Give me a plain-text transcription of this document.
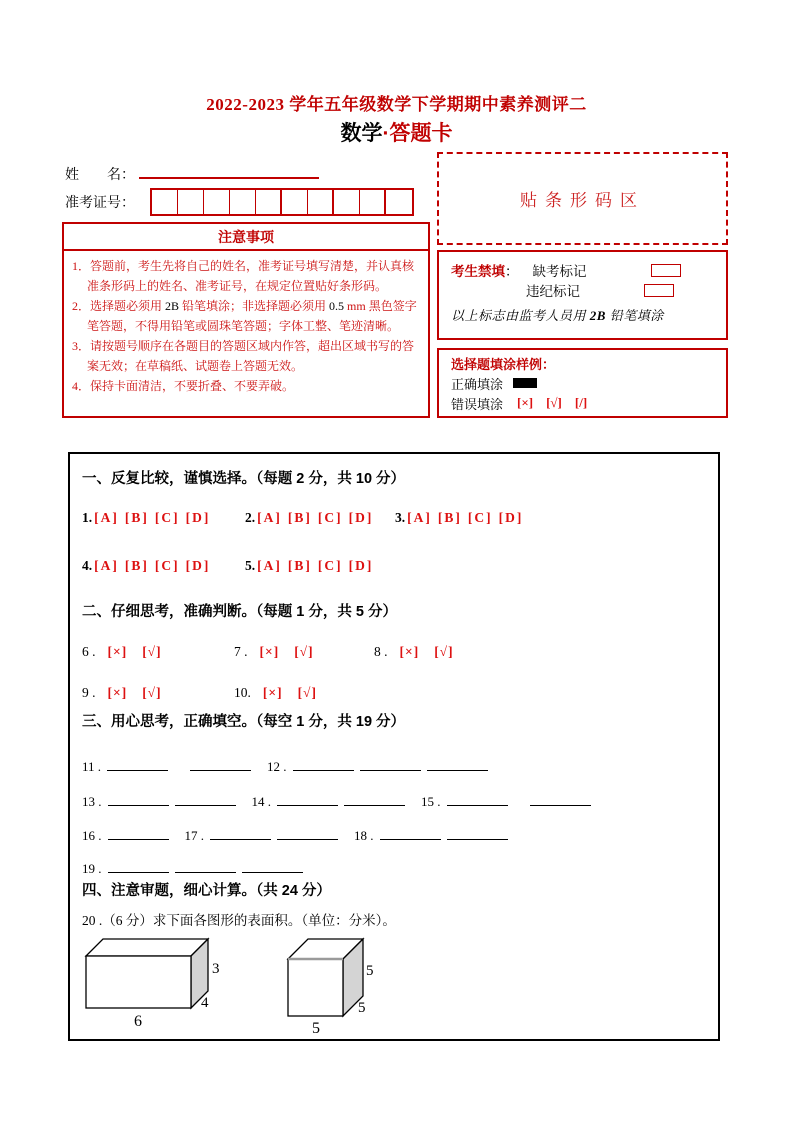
2022-2023 学年五年级数学下学期期中素养测评二
数学·答题卡
姓　　名：
准考证号：
注意事项
1．答题前，考生先将自己的姓名，准考证号填写清楚，并认真核准条形码上的姓名、准考证号，在规定位置贴好条形码。
2．选择题必须用 2B 铅笔填涂；非选择题必须用 0.5 mm 黑色签字笔答题，不得用铅笔或圆珠笔答题；字体工整、笔迹清晰。
3．请按题号顺序在各题目的答题区域内作答，超出区域书写的答案无效；在草稿纸、试题卷上答题无效。
4．保持卡面清洁，不要折叠、不要弄破。
贴条形码区
考生禁填 ： 缺考标记
违纪标记
以上标志由监考人员用 2B 铅笔填涂
选择题填涂样例：
正确填涂
错误填涂 [×] [√] [/]
一、反复比较，谨慎选择。（每题 2 分，共 10 分）
1. [A] [B] [C] [D]	2. [A] [B] [C] [D]	3. [A] [B] [C] [D]
4. [A] [B] [C] [D]	5. [A] [B] [C] [D]
二、仔细思考，准确判断。（每题 1 分，共 5 分）
6 . [×] [√]	7 . [×] [√]	8 . [×] [√]
9 . [×] [√]	10. [×] [√]
三、用心思考，正确填空。（每空 1 分，共 19 分）
11 .	12 .
13 .	14 .	15 .
16 .	17 .	18 .
19 .
四、注意审题，细心计算。（共 24 分）
20 .（6 分）求下面各图形的表面积。（单位：分米）。
3
4
6
5
5
5
